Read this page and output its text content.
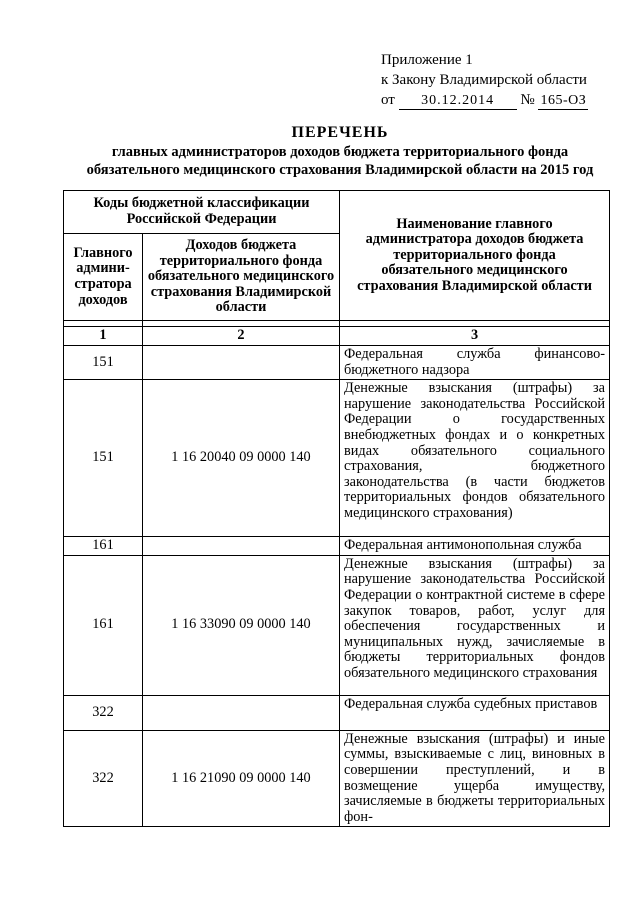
Приложение 1
к Закону Владимирской области
от 30.12.2014 № 165-ОЗ
ПЕРЕЧЕНЬ
главных администраторов доходов бюджета территориального фонда
обязательного медицинского страхования Владимирской области на 2015 год
Коды бюджетной классификации Российской Федерации		Наименование главного администратора доходов бюджета территориального фонда обязательного медицинского страхования Владимирской области
Главного админи-стратора доходов	Доходов бюджета территориального фонда обязательного медицинского страхования Владимирской области	

1	2	3
151		Федеральная служба финансово-бюджетного надзора
151	1 16 20040 09 0000 140	Денежные взыскания (штрафы) за нарушение законодательства Российской Федерации о государственных внебюджетных фондах и о конкретных видах обязательного социального страхования, бюджетного законодательства (в части бюджетов территориальных фондов обязательного медицинского страхования)
161		Федеральная антимонопольная служба
161	1 16 33090 09 0000 140	Денежные взыскания (штрафы) за нарушение законодательства Российской Федерации о контрактной системе в сфере закупок товаров, работ, услуг для обеспечения государственных и муниципальных нужд, зачисляемые в бюджеты территориальных фондов обязательного медицинского страхования
322		Федеральная служба судебных приставов
322	1 16 21090 09 0000 140	Денежные взыскания (штрафы) и иные суммы, взыскиваемые с лиц, виновных в совершении преступлений, и в возмещение ущерба имуществу, зачисляемые в бюджеты территориальных фон-
